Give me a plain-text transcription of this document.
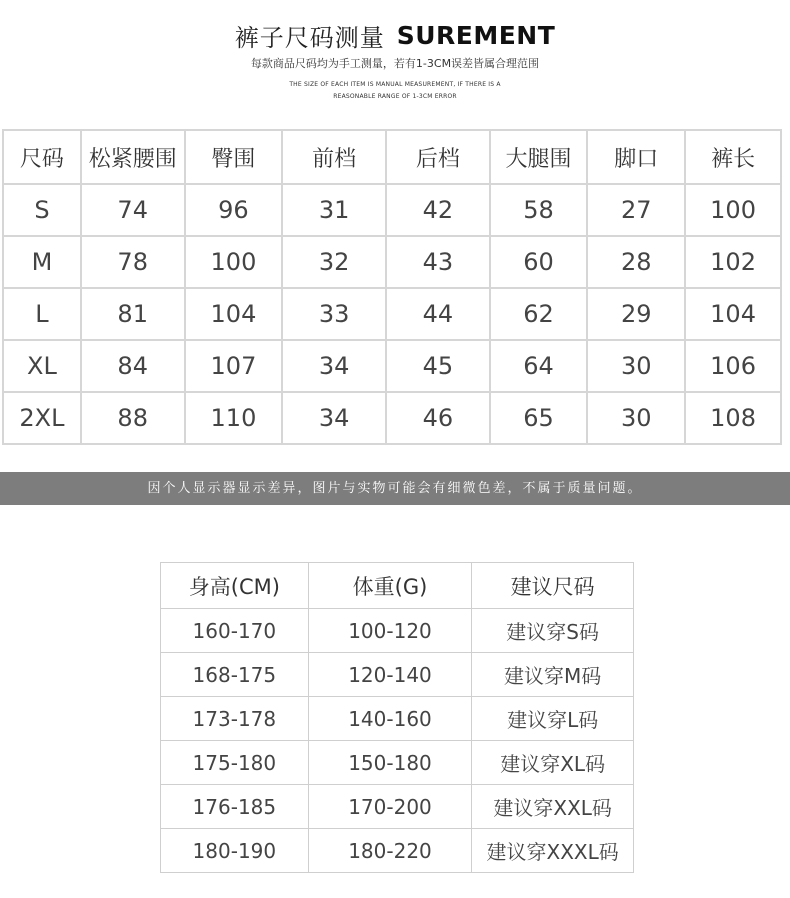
裤子尺码测量 SUREMENT
每款商品尺码均为手工测量，若有1-3CM误差皆属合理范围
THE SIZE OF EACH ITEM IS MANUAL MEASUREMENT, IF THERE IS A
REASONABLE RANGE OF 1-3CM ERROR
尺码	松紧腰围	臀围	前档	后档	大腿围	脚口	裤长
S	74	96	31	42	58	27	100
M	78	100	32	43	60	28	102
L	81	104	33	44	62	29	104
XL	84	107	34	45	64	30	106
2XL	88	110	34	46	65	30	108
因个人显示器显示差异，图片与实物可能会有细微色差，不属于质量问题。
身高(CM)	体重(G)	建议尺码
160-170	100-120	建议穿S码
168-175	120-140	建议穿M码
173-178	140-160	建议穿L码
175-180	150-180	建议穿XL码
176-185	170-200	建议穿XXL码
180-190	180-220	建议穿XXXL码
